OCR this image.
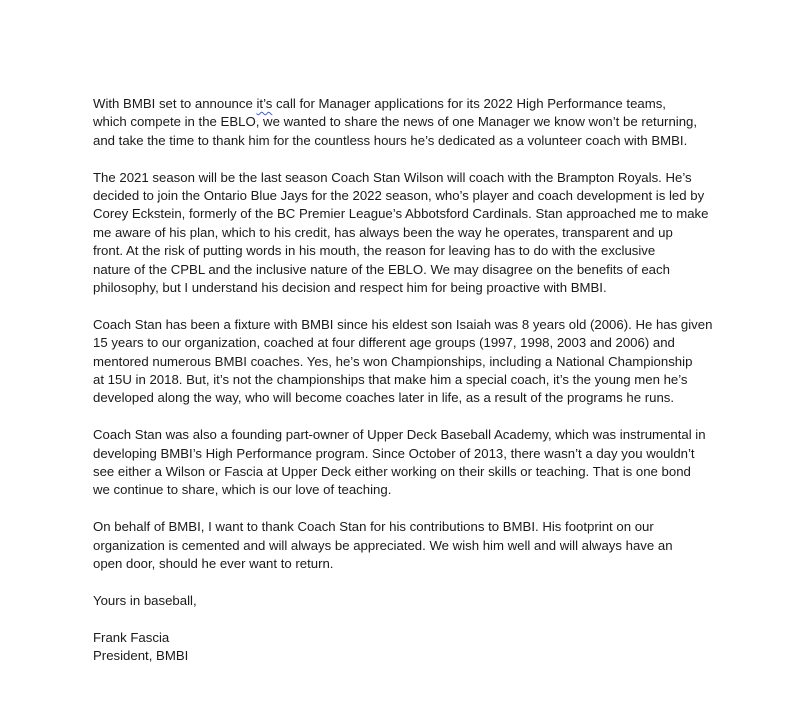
With BMBI set to announce it’s call for Manager applications for its 2022 High Performance teams,
which compete in the EBLO, we wanted to share the news of one Manager we know won’t be returning,
and take the time to thank him for the countless hours he’s dedicated as a volunteer coach with BMBI.

The 2021 season will be the last season Coach Stan Wilson will coach with the Brampton Royals. He’s
decided to join the Ontario Blue Jays for the 2022 season, who’s player and coach development is led by
Corey Eckstein, formerly of the BC Premier League’s Abbotsford Cardinals. Stan approached me to make
me aware of his plan, which to his credit, has always been the way he operates, transparent and up
front. At the risk of putting words in his mouth, the reason for leaving has to do with the exclusive
nature of the CPBL and the inclusive nature of the EBLO. We may disagree on the benefits of each
philosophy, but I understand his decision and respect him for being proactive with BMBI.

Coach Stan has been a fixture with BMBI since his eldest son Isaiah was 8 years old (2006). He has given
15 years to our organization, coached at four different age groups (1997, 1998, 2003 and 2006) and
mentored numerous BMBI coaches. Yes, he’s won Championships, including a National Championship
at 15U in 2018. But, it’s not the championships that make him a special coach, it’s the young men he’s
developed along the way, who will become coaches later in life, as a result of the programs he runs.

Coach Stan was also a founding part-owner of Upper Deck Baseball Academy, which was instrumental in
developing BMBI’s High Performance program. Since October of 2013, there wasn’t a day you wouldn’t
see either a Wilson or Fascia at Upper Deck either working on their skills or teaching. That is one bond
we continue to share, which is our love of teaching.

On behalf of BMBI, I want to thank Coach Stan for his contributions to BMBI. His footprint on our
organization is cemented and will always be appreciated. We wish him well and will always have an
open door, should he ever want to return.

Yours in baseball,

Frank Fascia
President, BMBI
